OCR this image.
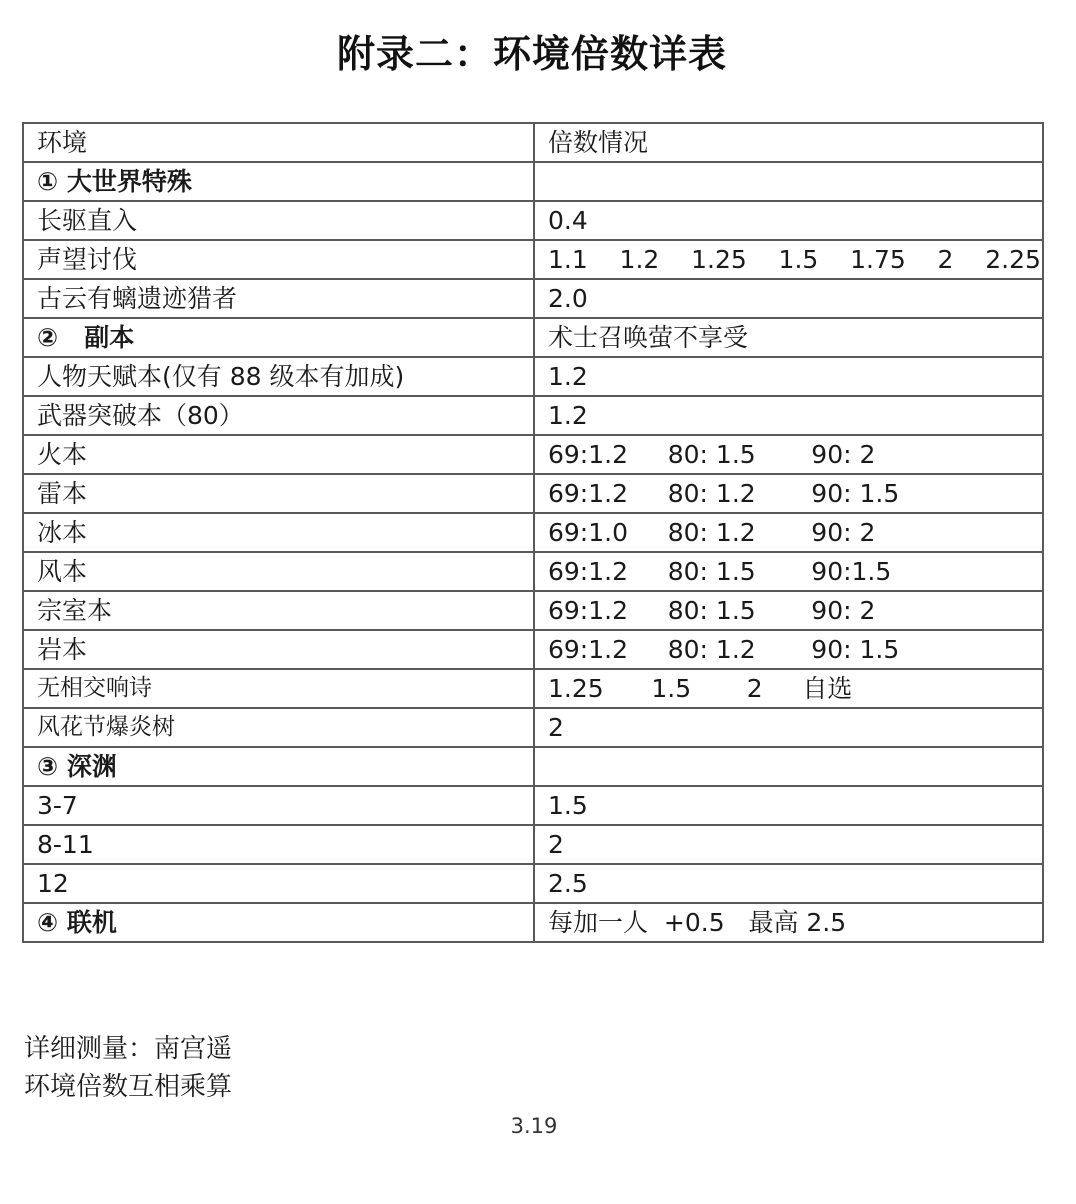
附录二：环境倍数详表
环境	倍数情况
① 大世界特殊	
长驱直入	0.4
声望讨伐	1.1    1.2    1.25    1.5    1.75    2    2.25
古云有螭遗迹猎者	2.0
②   副本	术士召唤萤不享受
人物天赋本(仅有 88 级本有加成)	1.2
武器突破本（80）	1.2
火本	69:1.2     80: 1.5       90: 2
雷本	69:1.2     80: 1.2       90: 1.5
冰本	69:1.0     80: 1.2       90: 2
风本	69:1.2     80: 1.5       90:1.5
宗室本	69:1.2     80: 1.5       90: 2
岩本	69:1.2     80: 1.2       90: 1.5
无相交响诗	1.25      1.5       2     自选
风花节爆炎树	2
③ 深渊	
3-7	1.5
8-11	2
12	2.5
④ 联机	每加一人  +0.5   最高 2.5
详细测量：南宫遥
环境倍数互相乘算
3.19
